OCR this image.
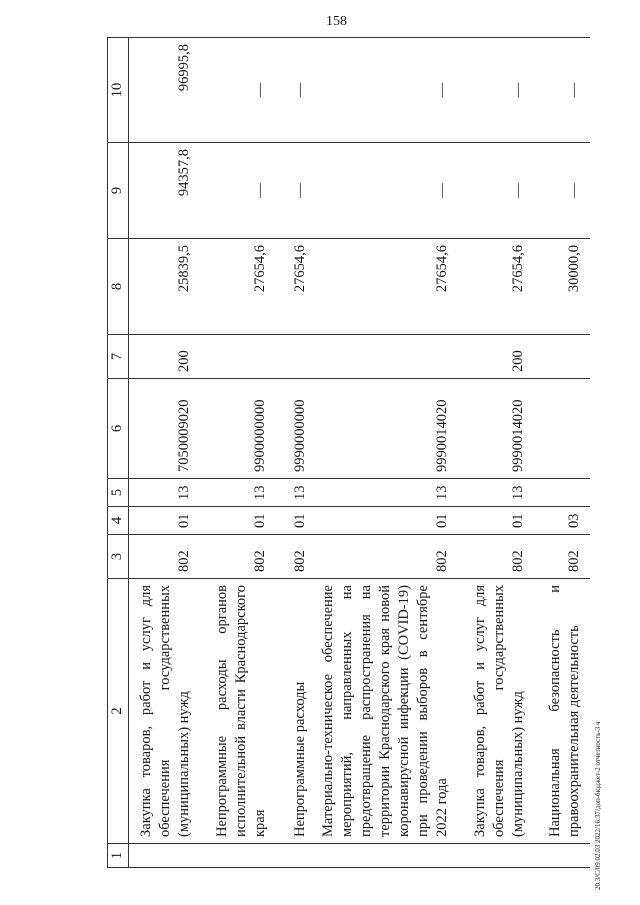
158
20.3/C/09.02.03 2022/16:37/доп-бюджет-2 отчетность-3 ч
1	2	3	4	5	6	7	8	9	10
	Закупка товаров, работ и услуг для обеспечения государственных (муниципальных) нужд	802	01	13	7050009020	200	25839,5	94357,8	96995,8
	Непрограммные расходы органов исполнительной власти Краснодарского края	802	01	13	9900000000		27654,6	—	—
	Непрограммные расходы	802	01	13	9990000000		27654,6	—	—
	Материально-техническое обеспечение мероприятий, направленных на предотвращение распространения на территории Краснодарского края новой коронавирусной инфекции (COVID-19) при проведении выборов в сентябре 2022 года	802	01	13	9990014020		27654,6	—	—
	Закупка товаров, работ и услуг для обеспечения государственных (муниципальных) нужд	802	01	13	9990014020	200	27654,6	—	—
	Национальная безопасность и правоохранительная деятельность	802	03				30000,0	—	—
